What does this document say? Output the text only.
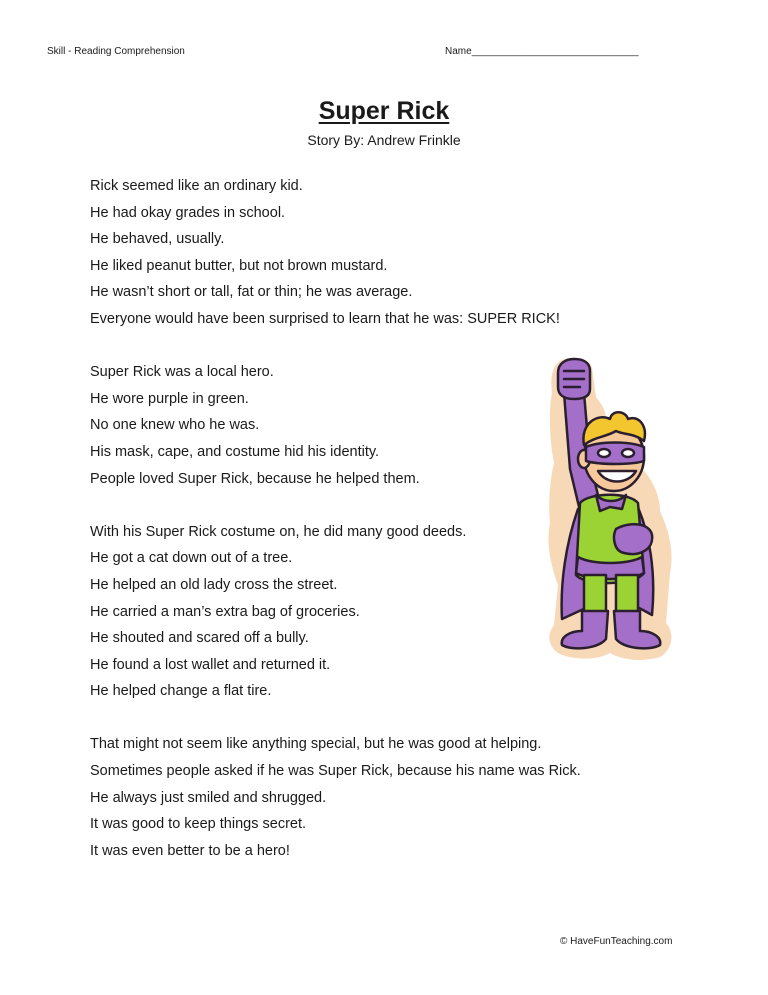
Skill - Reading Comprehension	Name______________________________
Super Rick
Story By: Andrew Frinkle
Rick seemed like an ordinary kid.
He had okay grades in school.
He behaved, usually.
He liked peanut butter, but not brown mustard.
He wasn’t short or tall, fat or thin; he was average.
Everyone would have been surprised to learn that he was: SUPER RICK!
Super Rick was a local hero.
He wore purple in green.
No one knew who he was.
His mask, cape, and costume hid his identity.
People loved Super Rick, because he helped them.
With his Super Rick costume on, he did many good deeds.
He got a cat down out of a tree.
He helped an old lady cross the street.
He carried a man’s extra bag of groceries.
He shouted and scared off a bully.
He found a lost wallet and returned it.
He helped change a flat tire.
That might not seem like anything special, but he was good at helping.
Sometimes people asked if he was Super Rick, because his name was Rick.
He always just smiled and shrugged.
It was good to keep things secret.
It was even better to be a hero!
© HaveFunTeaching.com
